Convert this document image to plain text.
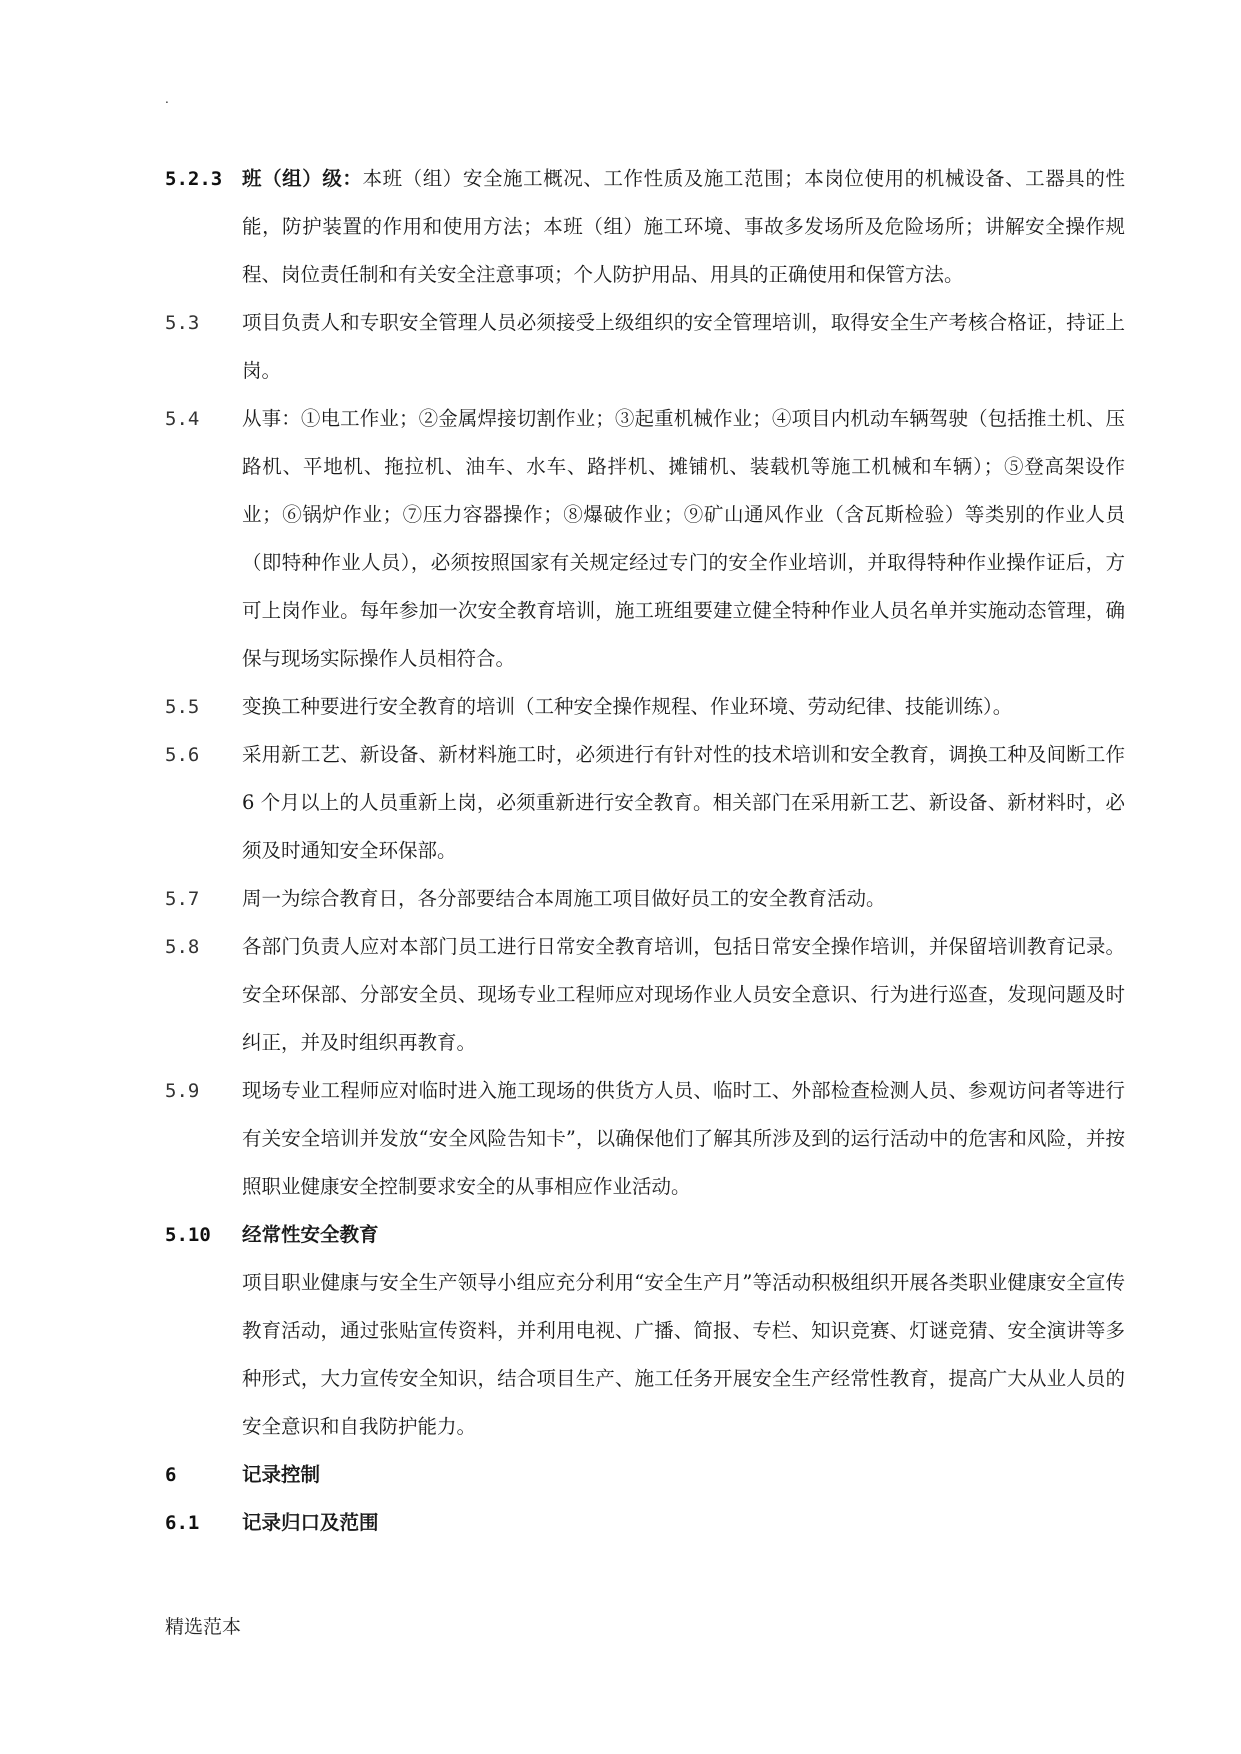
.
5.2.3	班（组）级：本班（组）安全施工概况、工作性质及施工范围；本岗位使用的机械设备、工器具的性能，防护装置的作用和使用方法；本班（组）施工环境、事故多发场所及危险场所；讲解安全操作规程、岗位责任制和有关安全注意事项；个人防护用品、用具的正确使用和保管方法。
5.3	项目负责人和专职安全管理人员必须接受上级组织的安全管理培训，取得安全生产考核合格证，持证上岗。
5.4	从事：①电工作业；②金属焊接切割作业；③起重机械作业；④项目内机动车辆驾驶（包括推土机、压路机、平地机、拖拉机、油车、水车、路拌机、摊铺机、装载机等施工机械和车辆）；⑤登高架设作业；⑥锅炉作业；⑦压力容器操作；⑧爆破作业；⑨矿山通风作业（含瓦斯检验）等类别的作业人员（即特种作业人员），必须按照国家有关规定经过专门的安全作业培训，并取得特种作业操作证后，方可上岗作业。每年参加一次安全教育培训，施工班组要建立健全特种作业人员名单并实施动态管理，确保与现场实际操作人员相符合。
5.5	变换工种要进行安全教育的培训（工种安全操作规程、作业环境、劳动纪律、技能训练）。
5.6	采用新工艺、新设备、新材料施工时，必须进行有针对性的技术培训和安全教育，调换工种及间断工作 6 个月以上的人员重新上岗，必须重新进行安全教育。相关部门在采用新工艺、新设备、新材料时，必须及时通知安全环保部。
5.7	周一为综合教育日，各分部要结合本周施工项目做好员工的安全教育活动。
5.8	各部门负责人应对本部门员工进行日常安全教育培训，包括日常安全操作培训，并保留培训教育记录。安全环保部、分部安全员、现场专业工程师应对现场作业人员安全意识、行为进行巡查，发现问题及时纠正，并及时组织再教育。
5.9	现场专业工程师应对临时进入施工现场的供货方人员、临时工、外部检查检测人员、参观访问者等进行有关安全培训并发放“安全风险告知卡”，以确保他们了解其所涉及到的运行活动中的危害和风险，并按照职业健康安全控制要求安全的从事相应作业活动。
5.10	经常性安全教育
项目职业健康与安全生产领导小组应充分利用“安全生产月”等活动积极组织开展各类职业健康安全宣传教育活动，通过张贴宣传资料，并利用电视、广播、简报、专栏、知识竞赛、灯谜竞猜、安全演讲等多种形式，大力宣传安全知识，结合项目生产、施工任务开展安全生产经常性教育，提高广大从业人员的安全意识和自我防护能力。
6	记录控制
6.1	记录归口及范围
精选范本
